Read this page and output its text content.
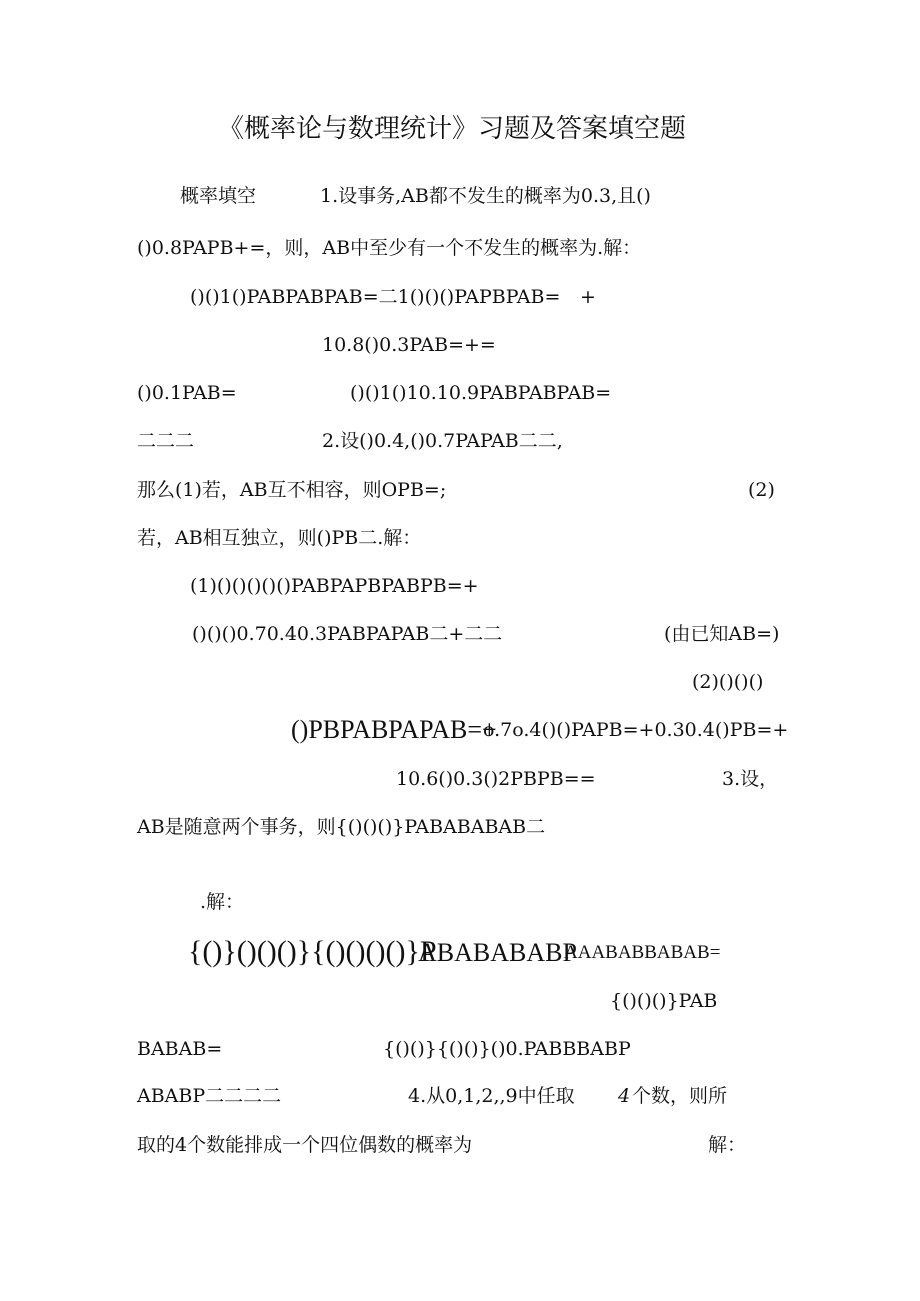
《概率论与数理统计》习题及答案填空题
概率填空	1.设事务,AB都不发生的概率为0.3,且()
()0.8PAPB+=，则，AB中至少有一个不发生的概率为.解：
()()1()PABPABPAB=二1()()()PAPBPAB= +
10.8()0.3PAB=+=
()0.1PAB=	()()1()10.10.9PABPABPAB=
二二二	2.设()0.4,()0.7PAPAB二二,
那么(1)若，AB互不相容，则OPB=;	(2)
若，AB相互独立，则()PB二.解：
(1)()()()()()PABPAPBPABPB=+
()()()0.70.40.3PABPAPAB二+二二	(由已知AB=)
(2)()()()
()PBPABPAPAB=+
o.7o.4()()PAPB=+0.30.4()PB=+
10.6()0.3()2PBPB==	3.设，
AB是随意两个事务，则{()()()}PABABABAB二
.解：
{()}()()()}{()()()()}P
ABABABABP
AAABABBABAB=
{()()()}PAB
BABAB=	{()()}{()()}()0.PABBBABP
ABABP二二二二	4.从0,1,2,,9中任取 4 个数，则所
取的4个数能排成一个四位偶数的概率为	解：
